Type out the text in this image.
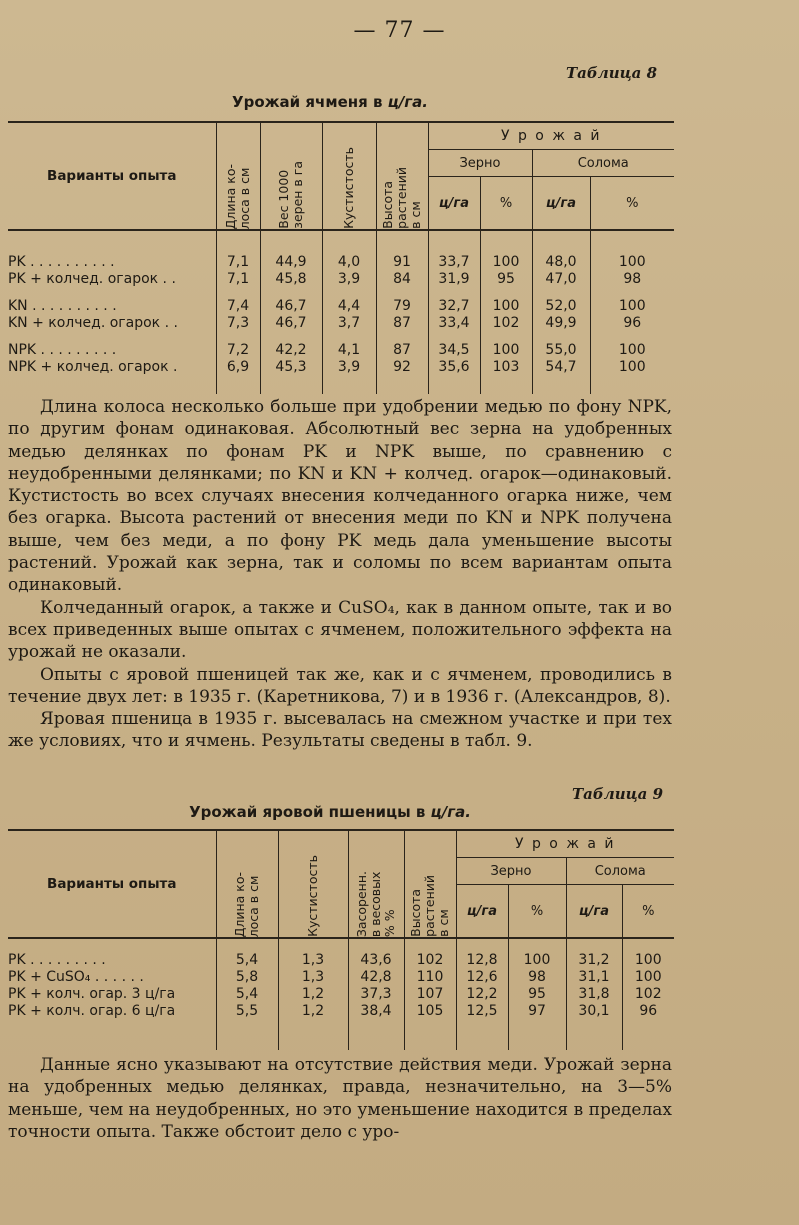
— 77 —
Таблица 8
Урожай ячменя в ц/га.
Варианты опыта	Длина ко-
лоса в см	Вес 1000
зерен в га	Кустистость	Высота
растений
в см	У р о ж а й			
					Зерно		Солома	
					ц/га	%	ц/га	%

PK . . . . . . . . . .	7,1	44,9	4,0	91	33,7	100	48,0	100
PK + колчед. огарок . .	7,1	45,8	3,9	84	31,9	95	47,0	98

KN . . . . . . . . . .	7,4	46,7	4,4	79	32,7	100	52,0	100
KN + колчед. огарок . .	7,3	46,7	3,7	87	33,4	102	49,9	96

NPK . . . . . . . . .	7,2	42,2	4,1	87	34,5	100	55,0	100
NPK + колчед. огарок .	6,9	45,3	3,9	92	35,6	103	54,7	100

Длина колоса несколько больше при удобрении медью по фону NPK, по другим фонам одинаковая. Абсолютный вес зерна на удобренных медью делянках по фонам PK и NPK выше, по сравнению с неудобренными делянками; по KN и KN + колчед. огарок—одинаковый. Кустистость во всех случаях внесения колчеданного огарка ниже, чем без огарка. Высота растений от внесения меди по KN и NPK получена выше, чем без меди, а по фону PK медь дала уменьшение высоты растений. Урожай как зерна, так и соломы по всем вариантам опыта одинаковый.

Колчеданный огарок, а также и CuSO₄, как в данном опыте, так и во всех приведенных выше опытах с ячменем, положительного эффекта на урожай не оказали.

Опыты с яровой пшеницей так же, как и с ячменем, проводились в течение двух лет: в 1935 г. (Каретникова, 7) и в 1936 г. (Александров, 8).

Яровая пшеница в 1935 г. высевалась на смежном участке и при тех же условиях, что и ячмень. Результаты сведены в табл. 9.

Таблица 9
Урожай яровой пшеницы в ц/га.
Варианты опыта	Длина ко-
лоса в см	Кустистость	Засоренн.
в весовых
% %	Высота
растений
в см	У р о ж а й			
					Зерно		Солома	
					ц/га	%	ц/га	%

PK . . . . . . . . .	5,4	1,3	43,6	102	12,8	100	31,2	100
PK + CuSO₄ . . . . . .	5,8	1,3	42,8	110	12,6	98	31,1	100
PK + колч. огар. 3 ц/га	5,4	1,2	37,3	107	12,2	95	31,8	102
PK + колч. огар. 6 ц/га	5,5	1,2	38,4	105	12,5	97	30,1	96

Данные ясно указывают на отсутствие действия меди. Урожай зерна на удобренных медью делянках, правда, незначительно, на 3—5% меньше, чем на неудобренных, но это уменьшение находится в пределах точности опыта. Также обстоит дело с уро-
